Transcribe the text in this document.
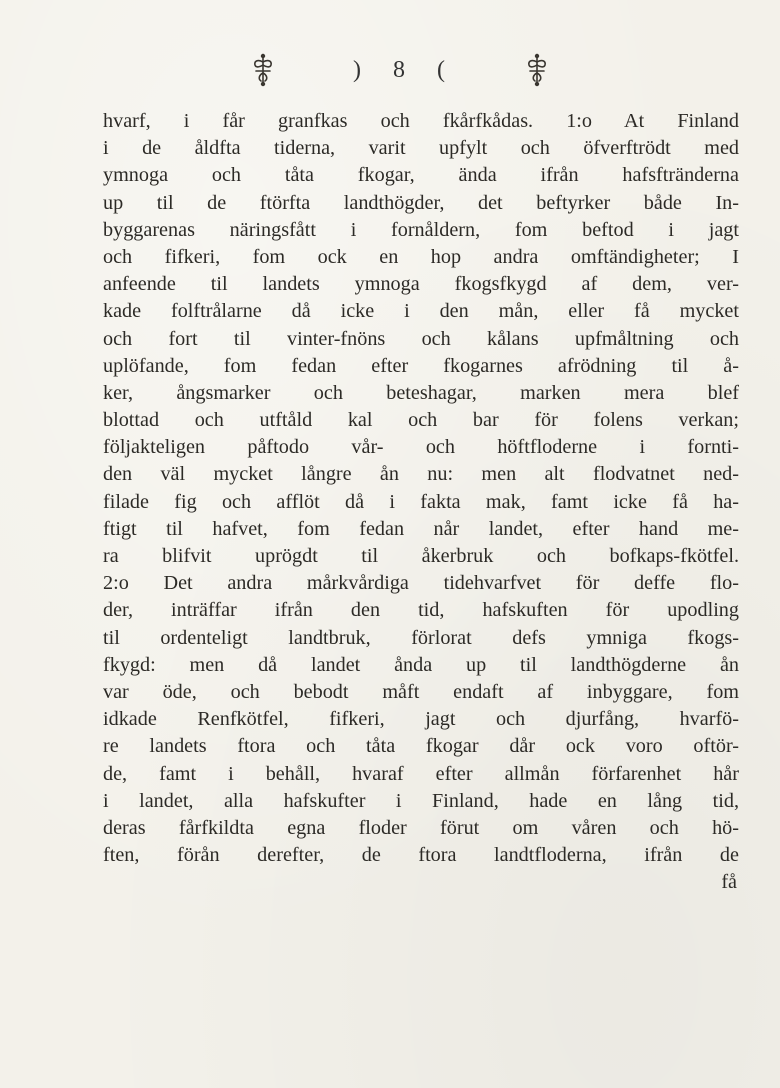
) 8 (
hvarf, i får granfkas och fkårfkådas. 1:o At Finland
i de åldfta tiderna, varit upfylt och öfverftrödt med
ymnoga och tåta fkogar, ända ifrån hafsftränderna
up til de ftörfta landthögder, det beftyrker både In-
byggarenas näringsfått i fornåldern, fom beftod i jagt
och fifkeri, fom ock en hop andra omftändigheter; I
anfeende til landets ymnoga fkogsfkygd af dem, ver-
kade folftrålarne då icke i den mån, eller få mycket
och fort til vinter-fnöns och kålans upfmåltning och
uplöfande, fom fedan efter fkogarnes afrödning til å-
ker, ångsmarker och beteshagar, marken mera blef
blottad och utftåld kal och bar för folens verkan;
följakteligen påftodo vår- och höftfloderne i fornti-
den väl mycket långre ån nu: men alt flodvatnet ned-
filade fig och afflöt då i fakta mak, famt icke få ha-
ftigt til hafvet, fom fedan når landet, efter hand me-
ra blifvit uprögdt til åkerbruk och bofkaps-fkötfel.
2:o Det andra mårkvårdiga tidehvarfvet för deffe flo-
der, inträffar ifrån den tid, hafskuften för upodling
til ordenteligt landtbruk, förlorat defs ymniga fkogs-
fkygd: men då landet ånda up til landthögderne ån
var öde, och bebodt måft endaft af inbyggare, fom
idkade Renfkötfel, fifkeri, jagt och djurfång, hvarfö-
re landets ftora och tåta fkogar dår ock voro oftör-
de, famt i behåll, hvaraf efter allmån förfarenhet hår
i landet, alla hafskufter i Finland, hade en lång tid,
deras fårfkildta egna floder förut om våren och hö-
ften, förån derefter, de ftora landtfloderna, ifrån de
få
